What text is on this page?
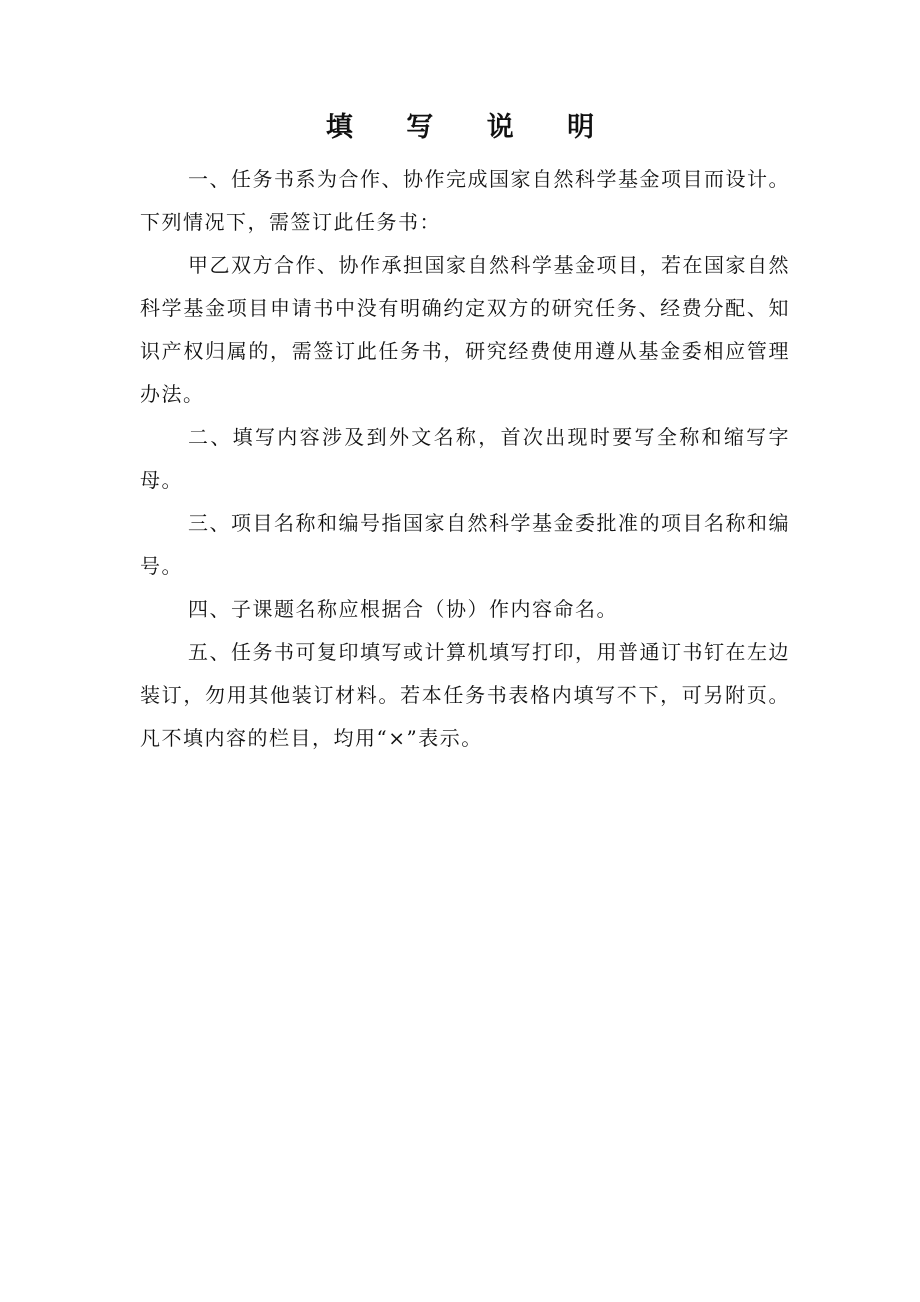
填 写 说 明

一、任务书系为合作、协作完成国家自然科学基金项目而设计。下列情况下，需签订此任务书：

甲乙双方合作、协作承担国家自然科学基金项目，若在国家自然科学基金项目申请书中没有明确约定双方的研究任务、经费分配、知识产权归属的，需签订此任务书，研究经费使用遵从基金委相应管理办法。

二、填写内容涉及到外文名称，首次出现时要写全称和缩写字母。

三、项目名称和编号指国家自然科学基金委批准的项目名称和编号。

四、子课题名称应根据合（协）作内容命名。

五、任务书可复印填写或计算机填写打印，用普通订书钉在左边装订，勿用其他装订材料。若本任务书表格内填写不下，可另附页。凡不填内容的栏目，均用“×”表示。
